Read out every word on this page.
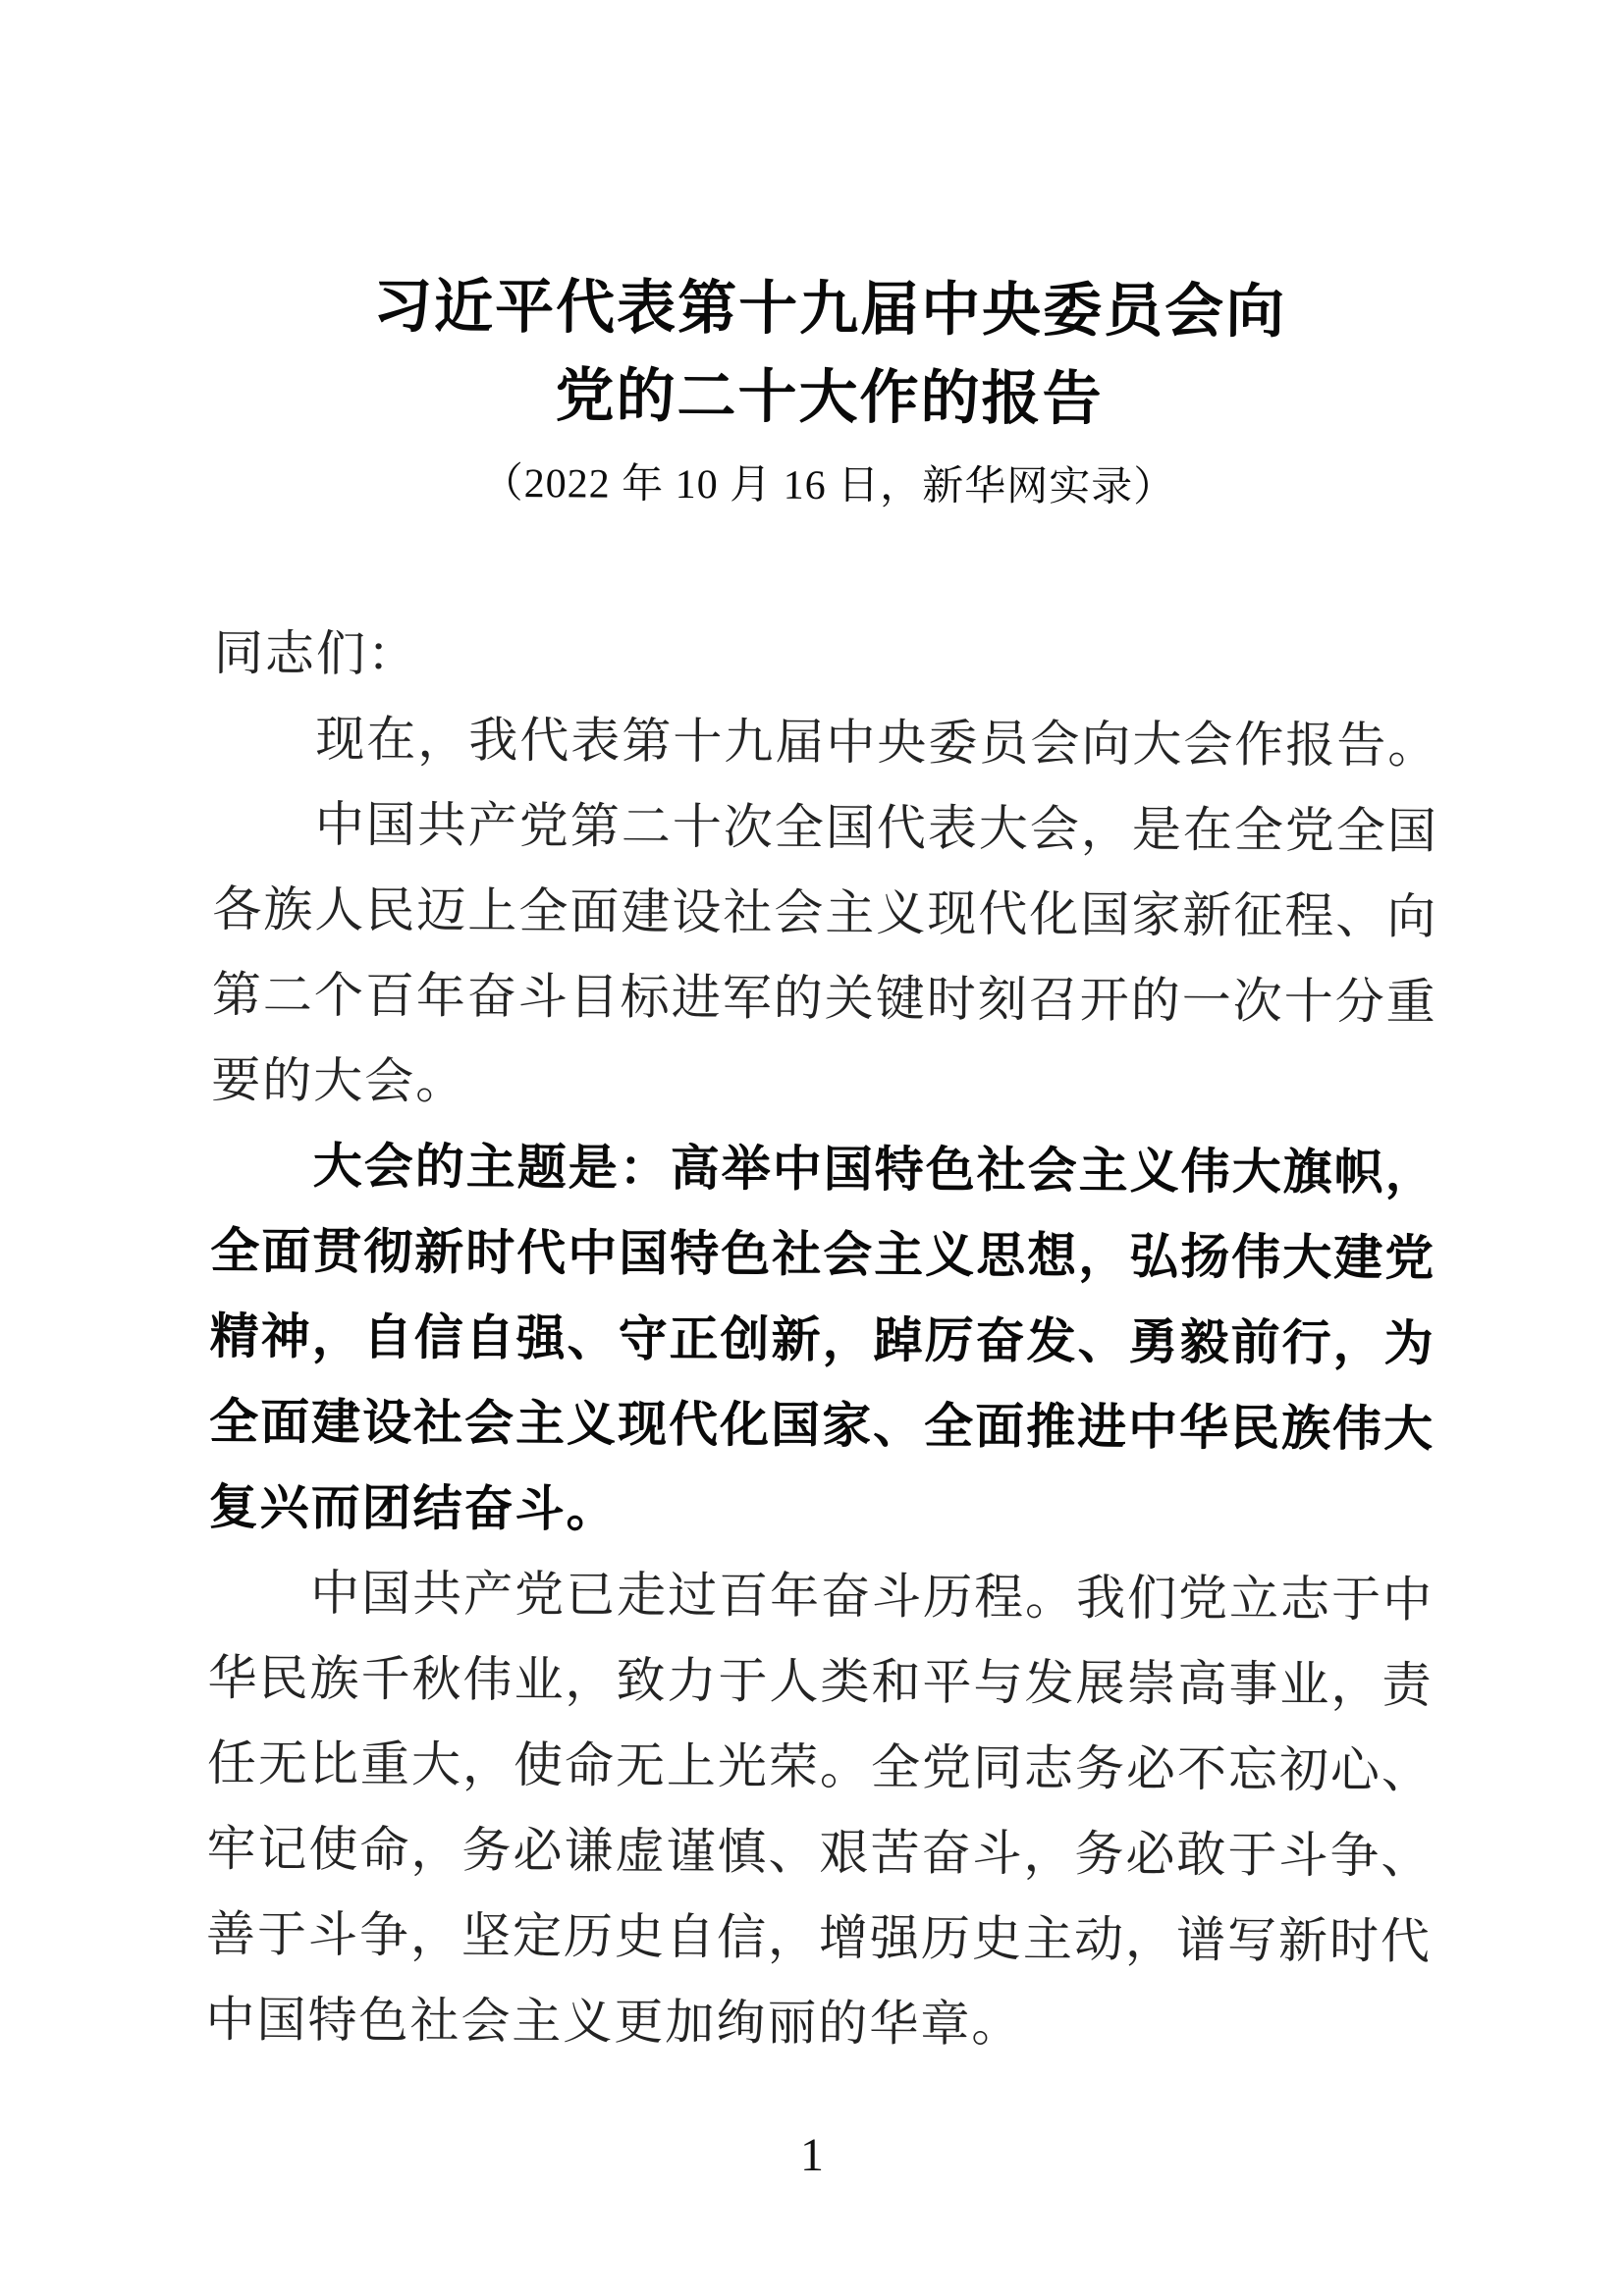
习近平代表第十九届中央委员会向
党的二十大作的报告
（2022 年 10 月 16 日，新华网实录）
同志们：
　　现在，我代表第十九届中央委员会向大会作报告。
　　中国共产党第二十次全国代表大会，是在全党全国
各族人民迈上全面建设社会主义现代化国家新征程、向
第二个百年奋斗目标进军的关键时刻召开的一次十分重
要的大会。
　　大会的主题是：高举中国特色社会主义伟大旗帜，
全面贯彻新时代中国特色社会主义思想，弘扬伟大建党
精神，自信自强、守正创新，踔厉奋发、勇毅前行，为
全面建设社会主义现代化国家、全面推进中华民族伟大
复兴而团结奋斗。
　　中国共产党已走过百年奋斗历程。我们党立志于中
华民族千秋伟业，致力于人类和平与发展崇高事业，责
任无比重大，使命无上光荣。全党同志务必不忘初心、
牢记使命，务必谦虚谨慎、艰苦奋斗，务必敢于斗争、
善于斗争，坚定历史自信，增强历史主动，谱写新时代
中国特色社会主义更加绚丽的华章。
1
